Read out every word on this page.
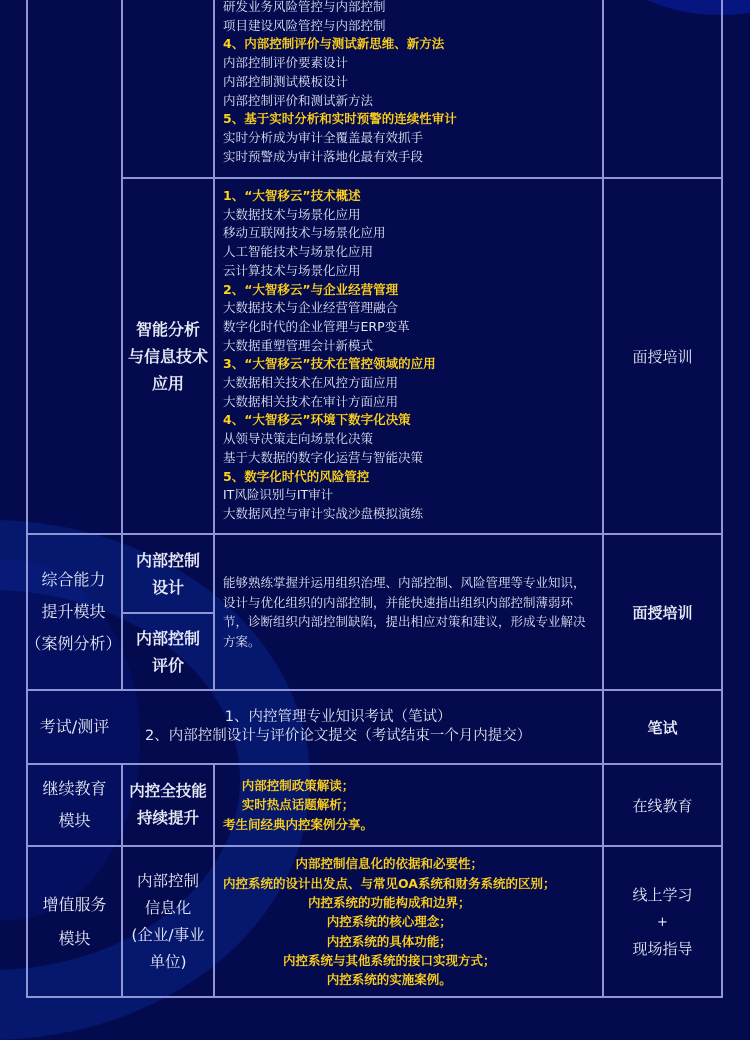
研发业务风险管控与内部控制
项目建设风险管控与内部控制
4、内部控制评价与测试新思维、新方法
内部控制评价要素设计
内部控制测试模板设计
内部控制评价和测试新方法
5、基于实时分析和实时预警的连续性审计
实时分析成为审计全覆盖最有效抓手
实时预警成为审计落地化最有效手段
智能分析
与信息技术
应用
1、“大智移云”技术概述
大数据技术与场景化应用
移动互联网技术与场景化应用
人工智能技术与场景化应用
云计算技术与场景化应用
2、“大智移云”与企业经营管理
大数据技术与企业经营管理融合
数字化时代的企业管理与ERP变革
大数据重塑管理会计新模式
3、“大智移云”技术在管控领域的应用
大数据相关技术在风控方面应用
大数据相关技术在审计方面应用
4、“大智移云”环境下数字化决策
从领导决策走向场景化决策
基于大数据的数字化运营与智能决策
5、数字化时代的风险管控
IT风险识别与IT审计
大数据风控与审计实战沙盘模拟演练
面授培训
综合能力
提升模块
（案例分析）
内部控制
设计
内部控制
评价
能够熟练掌握并运用组织治理、内部控制、风险管理等专业知识，设计与优化组织的内部控制，并能快速指出组织内部控制薄弱环节，诊断组织内部控制缺陷，提出相应对策和建议，形成专业解决方案。
面授培训
考试/测评	1、内控管理专业知识考试（笔试）
2、内部控制设计与评价论文提交（考试结束一个月内提交）	笔试
继续教育
模块
内控全技能
持续提升
内部控制政策解读；
实时热点话题解析；
考生间经典内控案例分享。
在线教育
增值服务
模块
内部控制
信息化
(企业/事业
单位)
内部控制信息化的依据和必要性；
内控系统的设计出发点、与常见OA系统和财务系统的区别；
内控系统的功能构成和边界；
内控系统的核心理念；
内控系统的具体功能；
内控系统与其他系统的接口实现方式；
内控系统的实施案例。
线上学习
+
现场指导
